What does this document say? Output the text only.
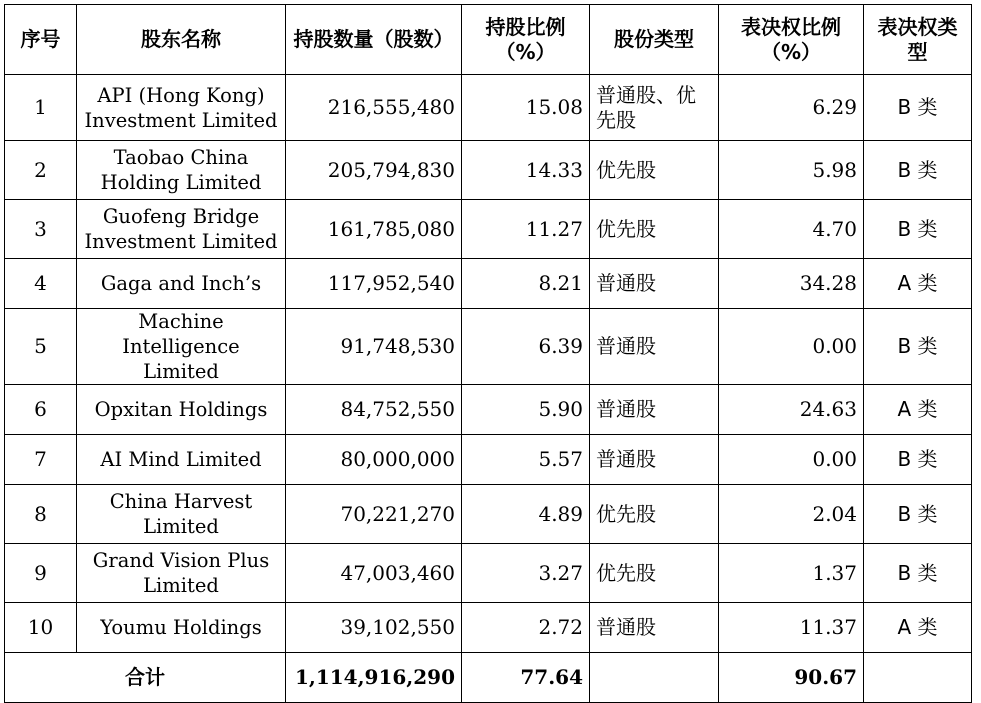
序号	股东名称	持股数量（股数）	持股比例（%）	股份类型	表决权比例（%）	表决权类型
1	API (Hong Kong) Investment Limited	216,555,480	15.08	普通股、优先股	6.29	B 类
2	Taobao China Holding Limited	205,794,830	14.33	优先股	5.98	B 类
3	Guofeng Bridge Investment Limited	161,785,080	11.27	优先股	4.70	B 类
4	Gaga and Inch’s	117,952,540	8.21	普通股	34.28	A 类
5	Machine Intelligence Limited	91,748,530	6.39	普通股	0.00	B 类
6	Opxitan Holdings	84,752,550	5.90	普通股	24.63	A 类
7	AI Mind Limited	80,000,000	5.57	普通股	0.00	B 类
8	China Harvest Limited	70,221,270	4.89	优先股	2.04	B 类
9	Grand Vision Plus Limited	47,003,460	3.27	优先股	1.37	B 类
10	Youmu Holdings	39,102,550	2.72	普通股	11.37	A 类
合计		1,114,916,290	77.64		90.67	
